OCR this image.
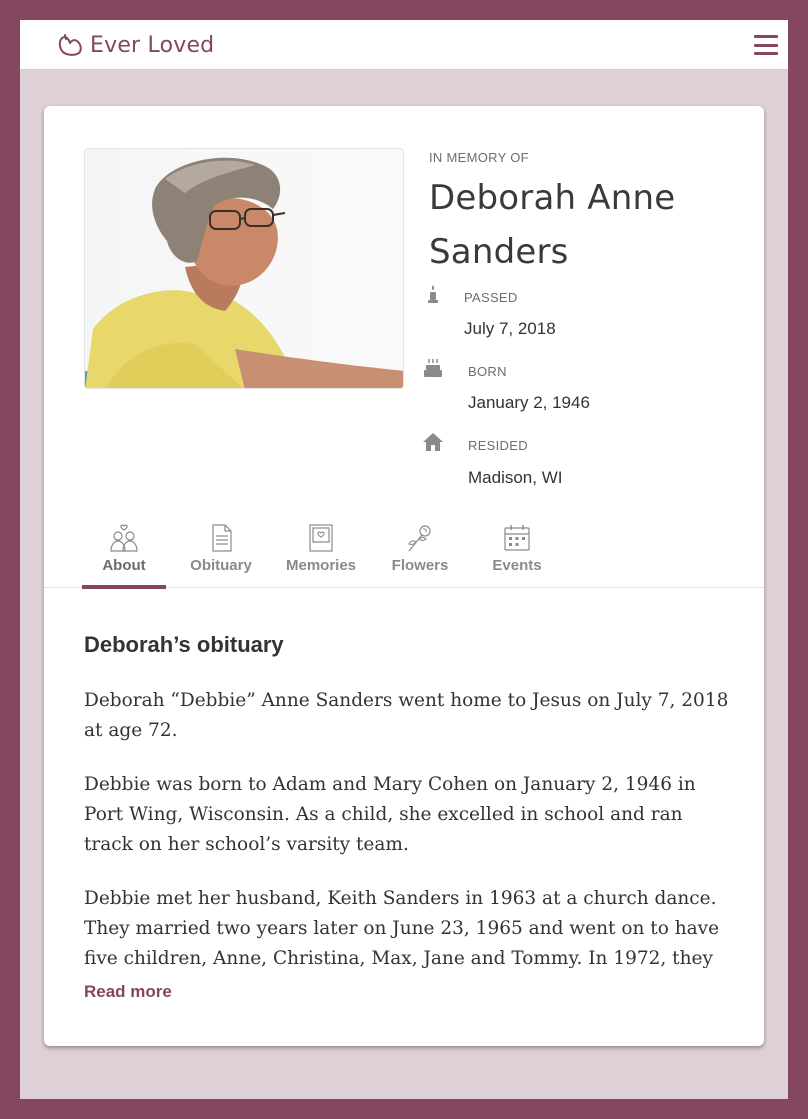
Ever Loved
IN MEMORY OF
Deborah Anne
Sanders
PASSED
July 7, 2018
BORN
January 2, 1946
RESIDED
Madison, WI
About	Obituary	Memories Flowers	Events
Deborah’s obituary

Deborah “Debbie” Anne Sanders went home to Jesus on July 7, 2018 at age 72.

Debbie was born to Adam and Mary Cohen on January 2, 1946 in Port Wing, Wisconsin. As a child, she excelled in school and ran track on her school’s varsity team.

Debbie met her husband, Keith Sanders in 1963 at a church dance. They married two years later on June 23, 1965 and went on to have five children, Anne, Christina, Max, Jane and Tommy. In 1972, they

Read more
